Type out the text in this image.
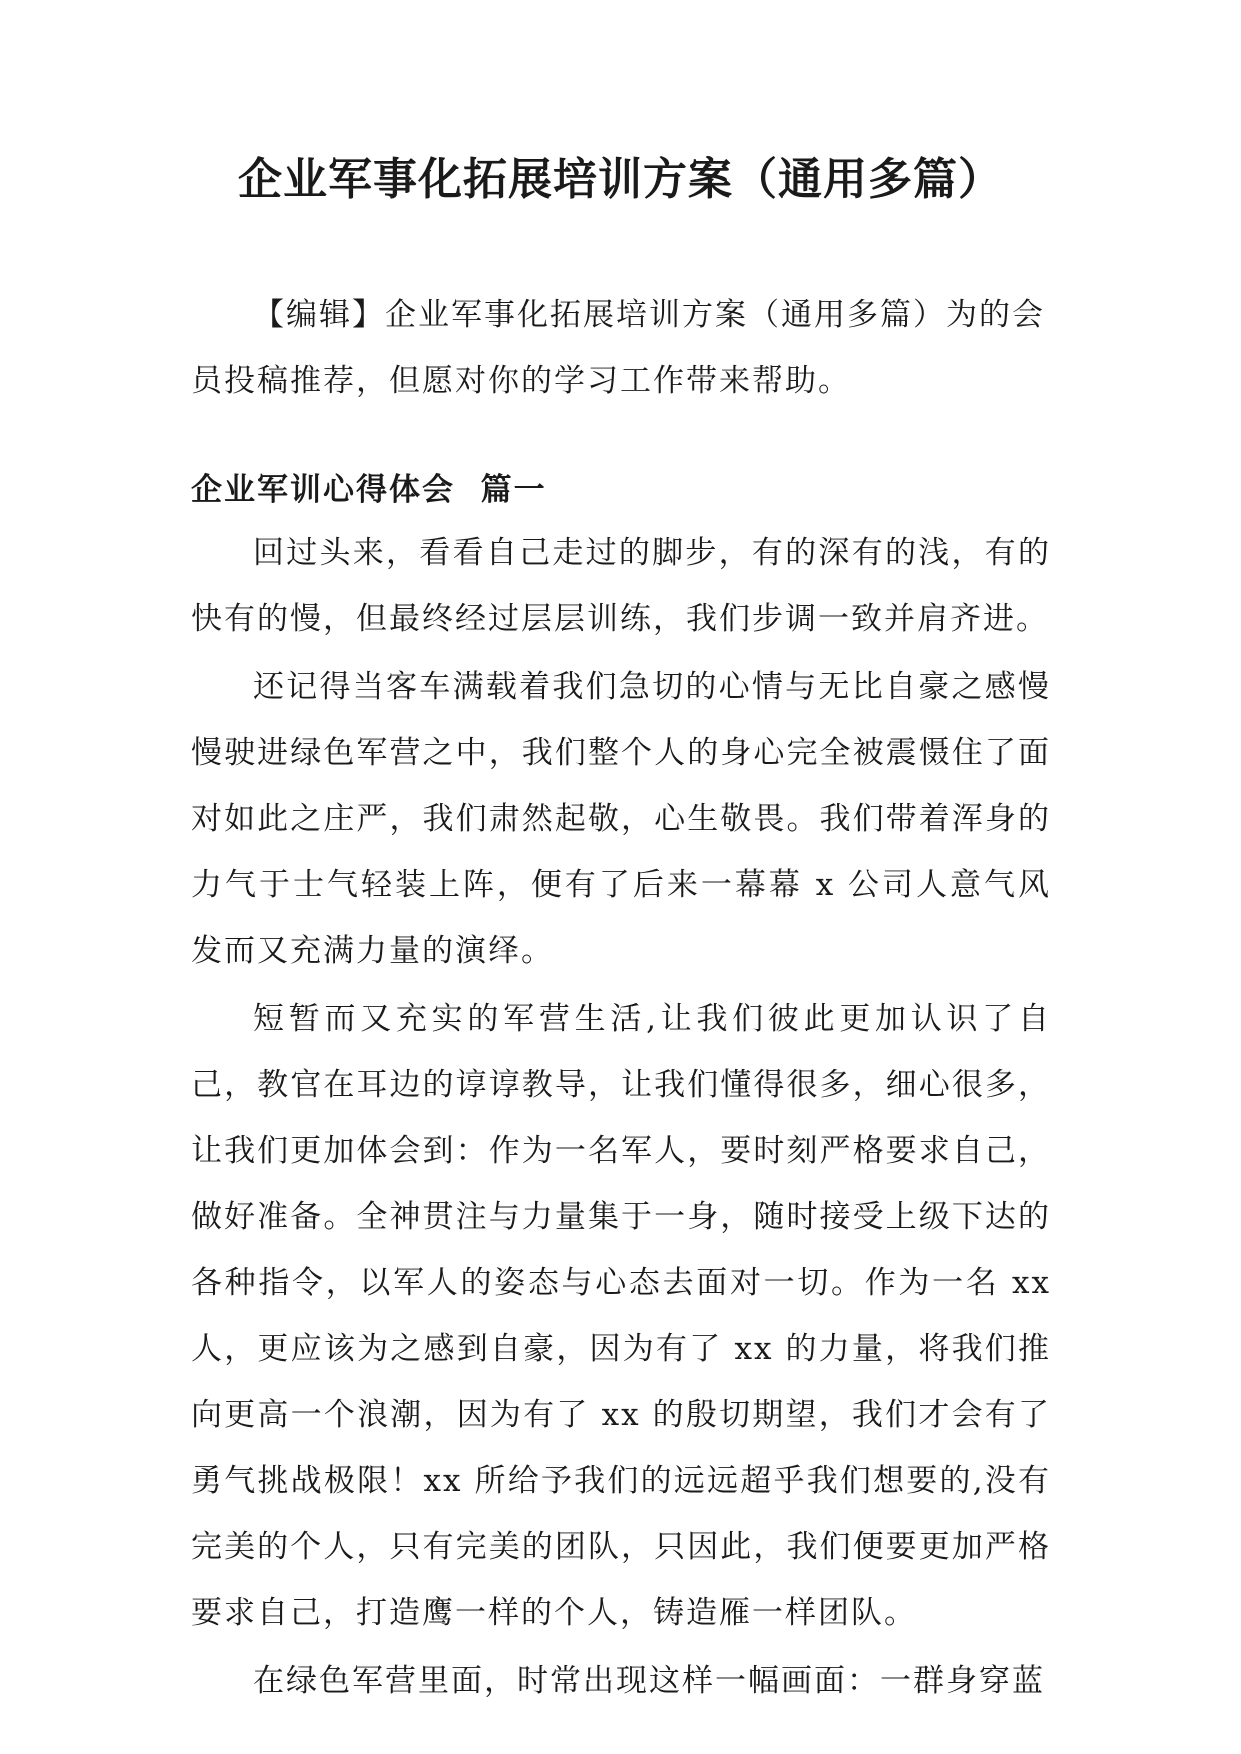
企业军事化拓展培训方案（通用多篇）

【编辑】企业军事化拓展培训方案（通用多篇）为的会员投稿推荐，但愿对你的学习工作带来帮助。

企业军训心得体会  篇一

回过头来，看看自己走过的脚步，有的深有的浅，有的快有的慢，但最终经过层层训练，我们步调一致并肩齐进。

还记得当客车满载着我们急切的心情与无比自豪之感慢慢驶进绿色军营之中，我们整个人的身心完全被震慑住了面对如此之庄严，我们肃然起敬，心生敬畏。我们带着浑身的力气于士气轻装上阵，便有了后来一幕幕 x 公司人意气风发而又充满力量的演绎。

短暂而又充实的军营生活,让我们彼此更加认识了自己，教官在耳边的谆谆教导，让我们懂得很多，细心很多，让我们更加体会到：作为一名军人，要时刻严格要求自己，做好准备。全神贯注与力量集于一身，随时接受上级下达的各种指令，以军人的姿态与心态去面对一切。作为一名 xx 人，更应该为之感到自豪，因为有了 xx 的力量，将我们推向更高一个浪潮，因为有了 xx 的殷切期望，我们才会有了勇气挑战极限！xx 所给予我们的远远超乎我们想要的,没有完美的个人，只有完美的团队，只因此，我们便要更加严格要求自己，打造鹰一样的个人，铸造雁一样团队。

在绿色军营里面，时常出现这样一幅画面：一群身穿蓝
